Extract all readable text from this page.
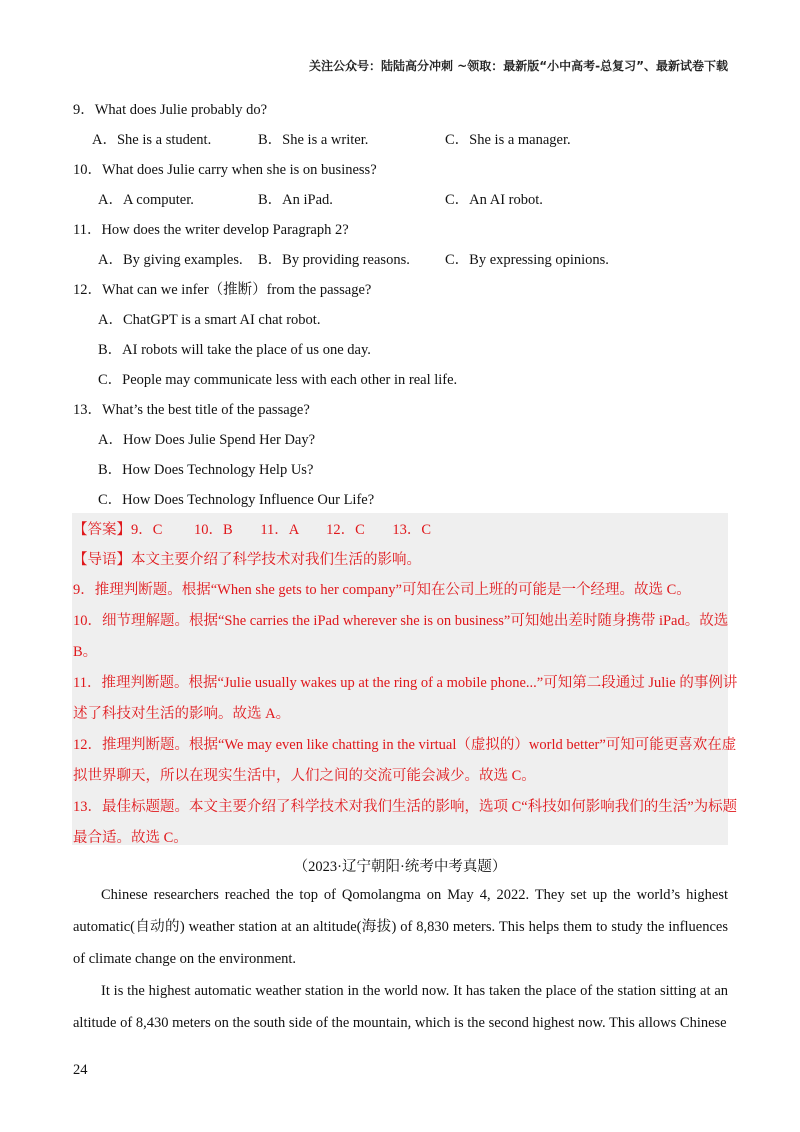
关注公众号：陆陆高分冲刺 ~领取：最新版“小中高考-总复习”、最新试卷下载
9．What does Julie probably do?
A．She is a student.	B．She is a writer.	C．She is a manager.
10．What does Julie carry when she is on business?
A．A computer.	B．An iPad.	C．An AI robot.
11．How does the writer develop Paragraph 2?
A．By giving examples. B．By providing reasons. C．By expressing opinions.
12．What can we infer（推断）from the passage?
A．ChatGPT is a smart AI chat robot.
B．AI robots will take the place of us one day.
C．People may communicate less with each other in real life.
13．What’s the best title of the passage?
A．How Does Julie Spend Her Day?
B．How Does Technology Help Us?
C．How Does Technology Influence Our Life?
【答案】9．C 10．B 11．A 12．C 13．C
【导语】本文主要介绍了科学技术对我们生活的影响。
9．推理判断题。根据“When she gets to her company”可知在公司上班的可能是一个经理。故选 C。
10．细节理解题。根据“She carries the iPad wherever she is on business”可知她出差时随身携带 iPad。故选
B。
11．推理判断题。根据“Julie usually wakes up at the ring of a mobile phone...”可知第二段通过 Julie 的事例讲
述了科技对生活的影响。故选 A。
12．推理判断题。根据“We may even like chatting in the virtual（虚拟的）world better”可知可能更喜欢在虚
拟世界聊天，所以在现实生活中，人们之间的交流可能会减少。故选 C。
13．最佳标题题。本文主要介绍了科学技术对我们生活的影响，选项 C“科技如何影响我们的生活”为标题
最合适。故选 C。
（2023·辽宁朝阳·统考中考真题）
Chinese researchers reached the top of Qomolangma on May 4, 2022. They set up the world’s highest automatic(自动的) weather station at an altitude(海拔) of 8,830 meters. This helps them to study the influences of climate change on the environment.
It is the highest automatic weather station in the world now. It has taken the place of the station sitting at an altitude of 8,430 meters on the south side of the mountain, which is the second highest now. This allows Chinese
24
